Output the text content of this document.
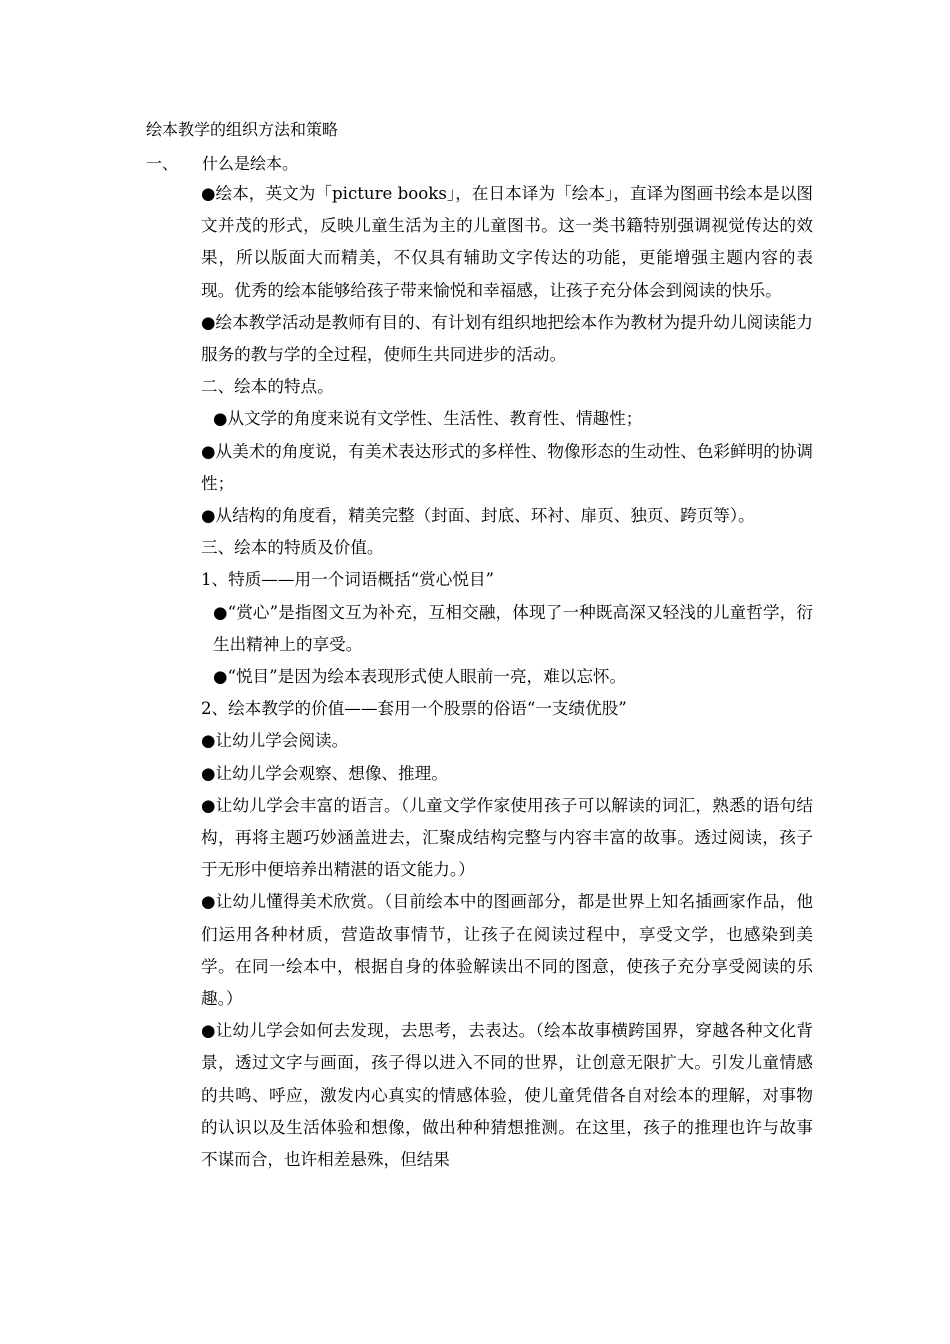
绘本教学的组织方法和策略
一、 什么是绘本。

●绘本，英文为「picture books」，在日本译为「绘本」，直译为图画书绘本是以图文并茂的形式，反映儿童生活为主的儿童图书。这一类书籍特别强调视觉传达的效果，所以版面大而精美，不仅具有辅助文字传达的功能，更能增强主题内容的表现。优秀的绘本能够给孩子带来愉悦和幸福感，让孩子充分体会到阅读的快乐。

●绘本教学活动是教师有目的、有计划有组织地把绘本作为教材为提升幼儿阅读能力服务的教与学的全过程，使师生共同进步的活动。

二、绘本的特点。

●从文学的角度来说有文学性、生活性、教育性、情趣性；

●从美术的角度说，有美术表达形式的多样性、物像形态的生动性、色彩鲜明的协调性；

●从结构的角度看，精美完整（封面、封底、环衬、扉页、独页、跨页等）。

三、绘本的特质及价值。

1、特质——用一个词语概括“赏心悦目”

●“赏心”是指图文互为补充，互相交融，体现了一种既高深又轻浅的儿童哲学，衍生出精神上的享受。

●“悦目”是因为绘本表现形式使人眼前一亮，难以忘怀。

2、绘本教学的价值——套用一个股票的俗语“一支绩优股”

●让幼儿学会阅读。

●让幼儿学会观察、想像、推理。

●让幼儿学会丰富的语言。（儿童文学作家使用孩子可以解读的词汇，熟悉的语句结构，再将主题巧妙涵盖进去，汇聚成结构完整与内容丰富的故事。透过阅读，孩子于无形中便培养出精湛的语文能力。）

●让幼儿懂得美术欣赏。（目前绘本中的图画部分，都是世界上知名插画家作品，他们运用各种材质，营造故事情节，让孩子在阅读过程中，享受文学，也感染到美学。在同一绘本中，根据自身的体验解读出不同的图意，使孩子充分享受阅读的乐趣。）

●让幼儿学会如何去发现，去思考，去表达。（绘本故事横跨国界，穿越各种文化背景，透过文字与画面，孩子得以进入不同的世界，让创意无限扩大。引发儿童情感的共鸣、呼应，激发内心真实的情感体验，使儿童凭借各自对绘本的理解，对事物的认识以及生活体验和想像，做出种种猜想推测。在这里，孩子的推理也许与故事不谋而合，也许相差悬殊，但结果
